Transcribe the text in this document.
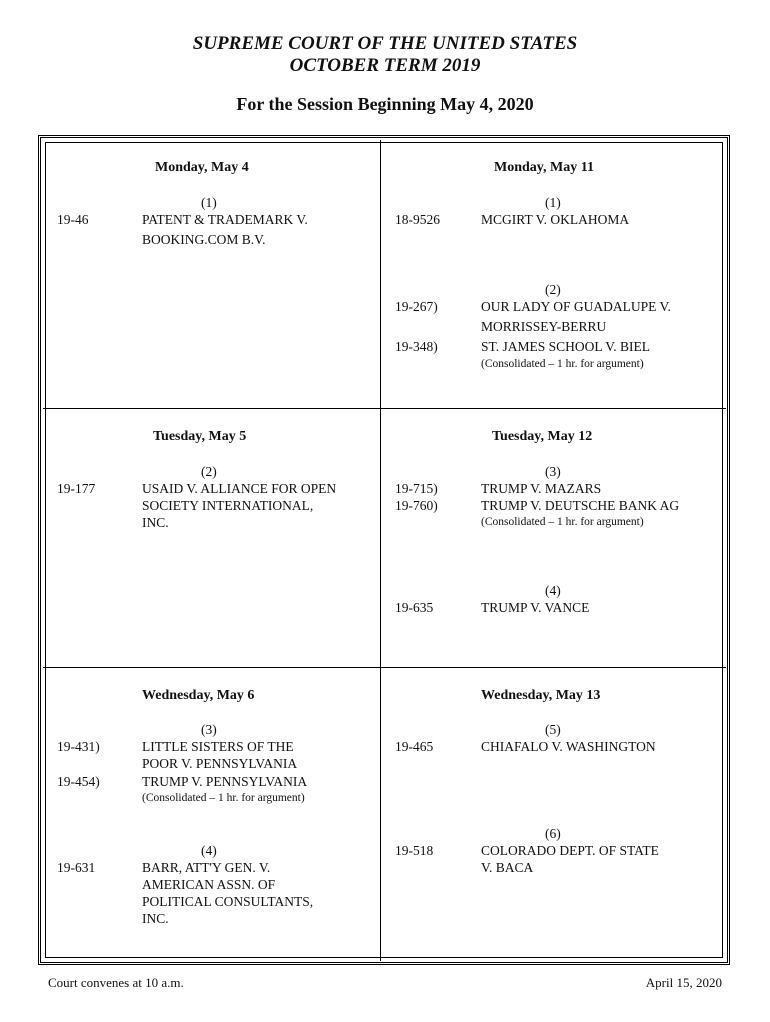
SUPREME COURT OF THE UNITED STATES
OCTOBER TERM 2019
For the Session Beginning May 4, 2020
Monday, May 4
(1)
19-46	PATENT & TRADEMARK V.
BOOKING.COM B.V.
Monday, May 11
(1)
18-9526	MCGIRT V. OKLAHOMA
(2)
19-267)	OUR LADY OF GUADALUPE V.
MORRISSEY-BERRU
19-348)	ST. JAMES SCHOOL V. BIEL
(Consolidated – 1 hr. for argument)
Tuesday, May 5
(2)
19-177	USAID V. ALLIANCE FOR OPEN
SOCIETY INTERNATIONAL,
INC.
Tuesday, May 12
(3)
19-715)	TRUMP V. MAZARS
19-760)	TRUMP V. DEUTSCHE BANK AG
(Consolidated – 1 hr. for argument)
(4)
19-635	TRUMP V. VANCE
Wednesday, May 6
(3)
19-431)	LITTLE SISTERS OF THE
POOR V. PENNSYLVANIA
19-454)	TRUMP V. PENNSYLVANIA
(Consolidated – 1 hr. for argument)
(4)
19-631	BARR, ATT'Y GEN. V.
AMERICAN ASSN. OF
POLITICAL CONSULTANTS,
INC.
Wednesday, May 13
(5)
19-465	CHIAFALO V. WASHINGTON
(6)
19-518	COLORADO DEPT. OF STATE
V. BACA
Court convenes at 10 a.m.	April 15, 2020
